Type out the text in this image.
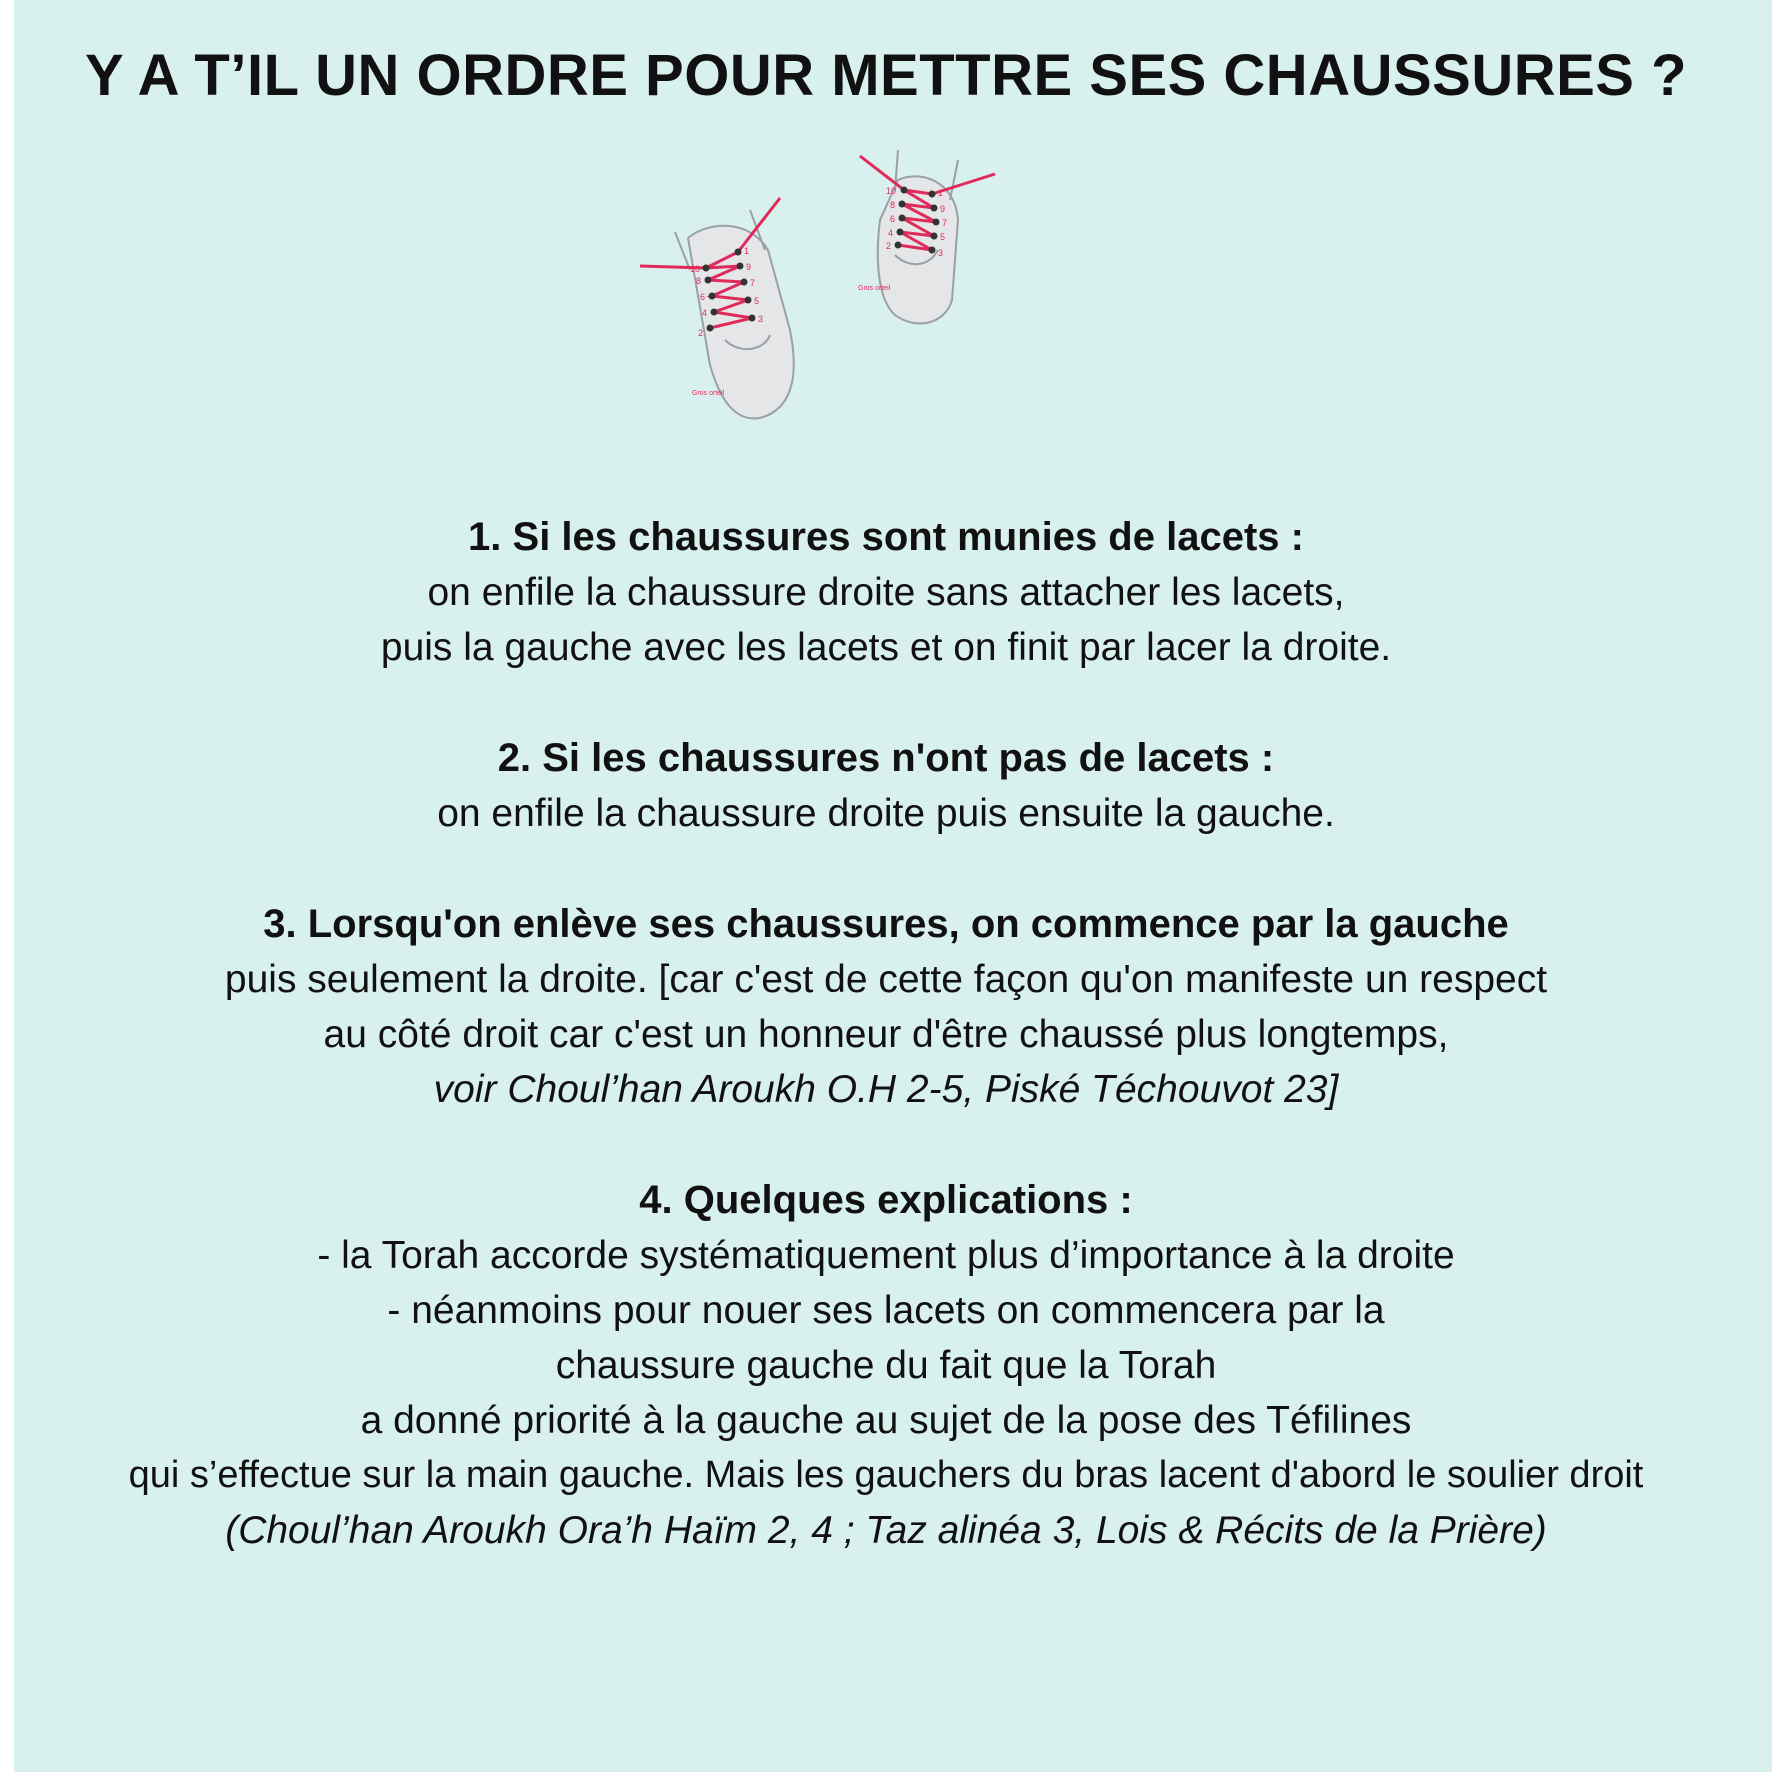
Y A T’IL UN ORDRE POUR METTRE SES CHAUSSURES ?
2
3
4
5
6
7
8
9
10
1
Gros orteil
2
3
4	5
6	7
8	9
10	1
Gros orteil
1. Si les chaussures sont munies de lacets :
on enfile la chaussure droite sans attacher les lacets,
puis la gauche avec les lacets et on finit par lacer la droite.
2. Si les chaussures n'ont pas de lacets :
on enfile la chaussure droite puis ensuite la gauche.
3. Lorsqu'on enlève ses chaussures, on commence par la gauche
puis seulement la droite. [car c'est de cette façon qu'on manifeste un respect
au côté droit car c'est un honneur d'être chaussé plus longtemps,
voir Choul’han Aroukh O.H 2-5, Piské Téchouvot 23]
4. Quelques explications :
- la Torah accorde systématiquement plus d’importance à la droite
- néanmoins pour nouer ses lacets on commencera par la
chaussure gauche du fait que la Torah
a donné priorité à la gauche au sujet de la pose des Téfilines
qui s’effectue sur la main gauche. Mais les gauchers du bras lacent d'abord le soulier droit
(Choul’han Aroukh Ora’h Haïm 2, 4 ; Taz alinéa 3, Lois & Récits de la Prière)
